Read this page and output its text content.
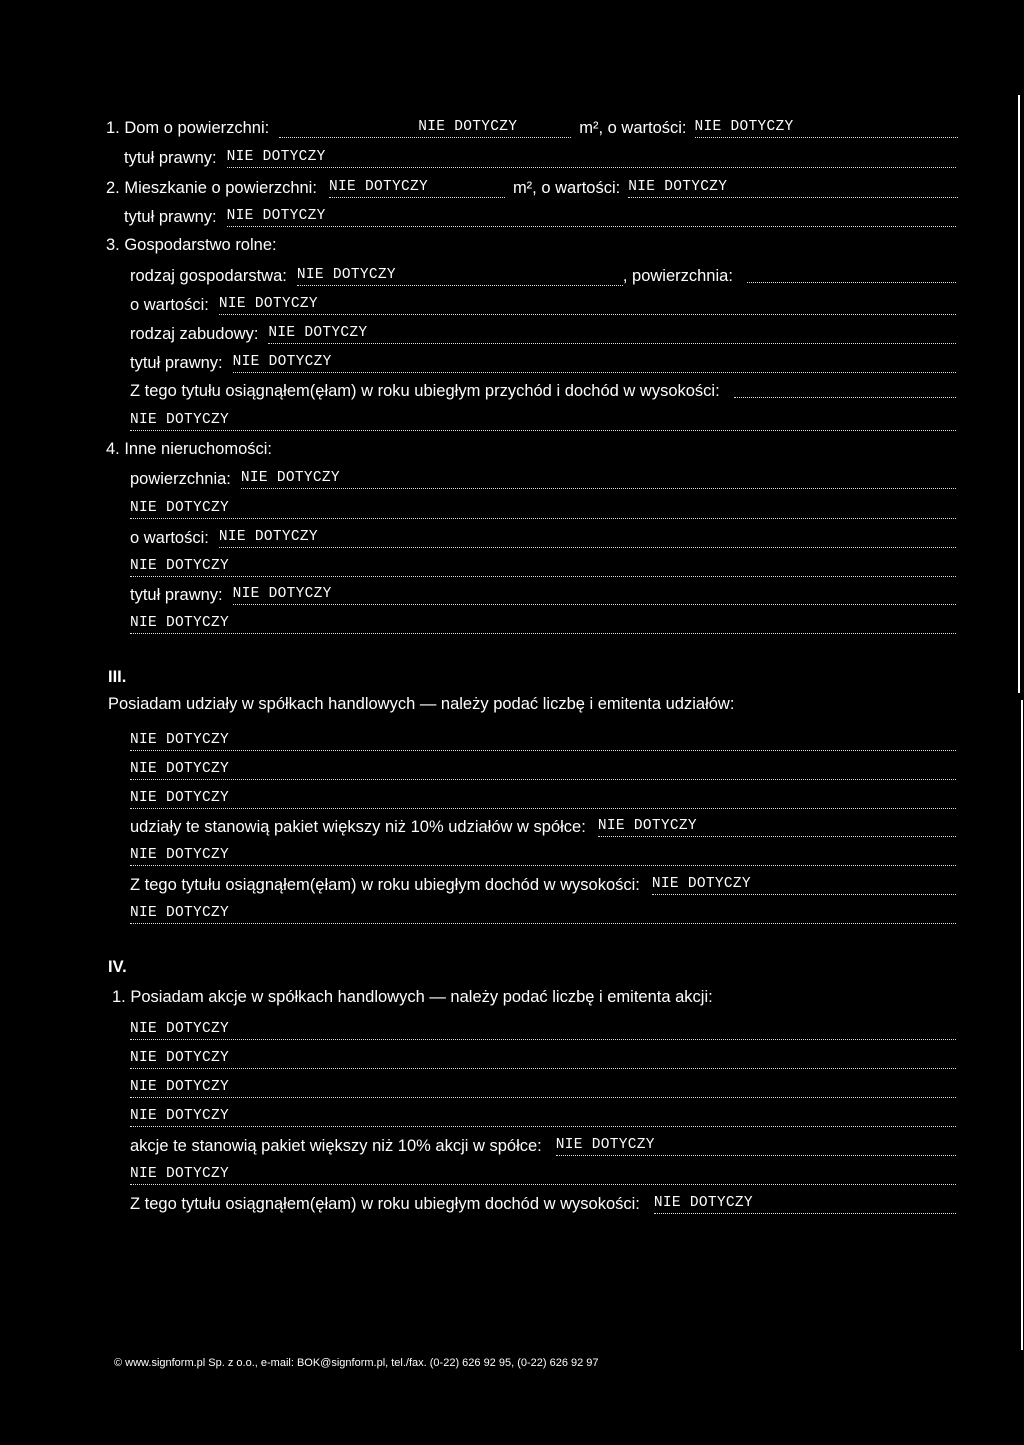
1. Dom o powierzchni:	NIE DOTYCZY	m², o wartości: NIE DOTYCZY
tytuł prawny: NIE DOTYCZY
2. Mieszkanie o powierzchni: NIE DOTYCZY	m², o wartości: NIE DOTYCZY
tytuł prawny: NIE DOTYCZY
3. Gospodarstwo rolne:
rodzaj gospodarstwa: NIE DOTYCZY	, powierzchnia:
o wartości: NIE DOTYCZY
rodzaj zabudowy: NIE DOTYCZY
tytuł prawny: NIE DOTYCZY
Z tego tytułu osiągnąłem(ęłam) w roku ubiegłym przychód i dochód w wysokości:
NIE DOTYCZY
4. Inne nieruchomości:
powierzchnia: NIE DOTYCZY
NIE DOTYCZY
o wartości: NIE DOTYCZY
NIE DOTYCZY
tytuł prawny: NIE DOTYCZY
NIE DOTYCZY
III.
Posiadam udziały w spółkach handlowych — należy podać liczbę i emitenta udziałów:
NIE DOTYCZY
NIE DOTYCZY
NIE DOTYCZY
udziały te stanowią pakiet większy niż 10% udziałów w spółce: NIE DOTYCZY
NIE DOTYCZY
Z tego tytułu osiągnąłem(ęłam) w roku ubiegłym dochód w wysokości: NIE DOTYCZY
NIE DOTYCZY
IV.
1. Posiadam akcje w spółkach handlowych — należy podać liczbę i emitenta akcji:
NIE DOTYCZY
NIE DOTYCZY
NIE DOTYCZY
NIE DOTYCZY
akcje te stanowią pakiet większy niż 10% akcji w spółce: NIE DOTYCZY
NIE DOTYCZY
Z tego tytułu osiągnąłem(ęłam) w roku ubiegłym dochód w wysokości: NIE DOTYCZY
© www.signform.pl Sp. z o.o., e-mail: BOK@signform.pl, tel./fax. (0-22) 626 92 95, (0-22) 626 92 97
